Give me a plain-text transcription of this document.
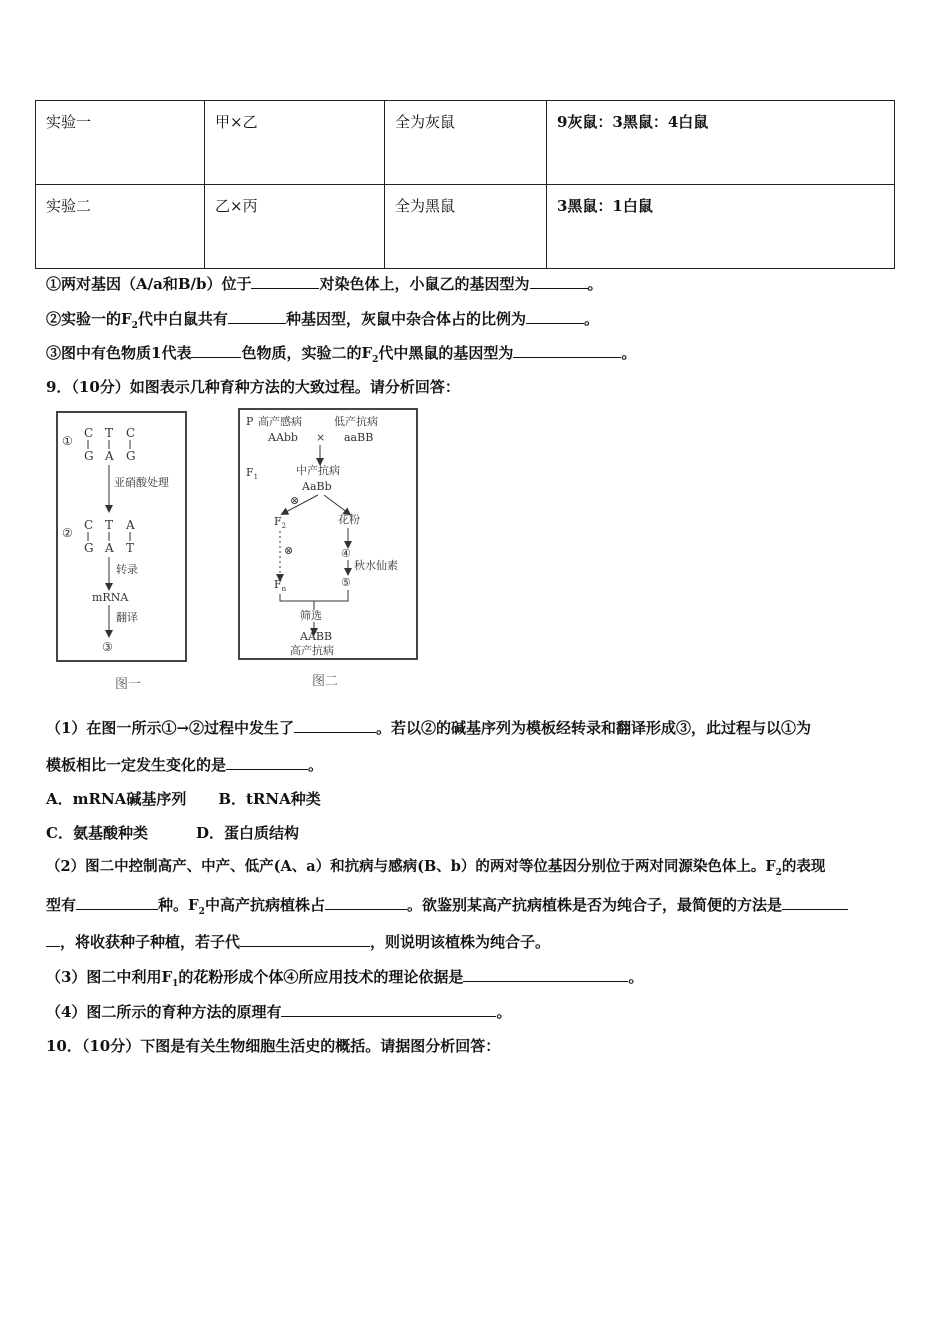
实验一	甲×乙	全为灰鼠	9灰鼠：3黑鼠：4白鼠
实验二	乙×丙	全为黑鼠	3黑鼠：1白鼠
①两对基因（A/a和B/b）位于	对染色体上，小鼠乙的基因型为	。
②实验一的$F_2$代中白鼠共有	种基因型，灰鼠中杂合体占的比例为	。
③图中有色物质1代表	色物质，实验二的$F_2$代中黑鼠的基因型为	。
9．（10分）如图表示几种育种方法的大致过程。请分析回答：
①
C T C
G A G
亚硝酸处理
②
C T A
G A T
转录
mRNA
翻译
③
图一
P 高产感病	低产抗病
AAbb × aaBB
$F_1$	中产抗病
AaBb
⊗
$F_2$	花粉
⊗	④
秋水仙素
$F_n$	⑤
筛选
AABB
高产抗病
图二
（1）在图一所示①→②过程中发生了	。若以②的碱基序列为模板经转录和翻译形成③，此过程与以①为
模板相比一定发生变化的是	。
A．mRNA碱基序列 B．tRNA种类
C．氨基酸种类	D．蛋白质结构
（2）图二中控制高产、中产、低产(A、a）和抗病与感病(B、b）的两对等位基因分别位于两对同源染色体上。$F_2$的表现
型有	种。$F_2$中高产抗病植株占	。欲鉴别某高产抗病植株是否为纯合子，最简便的方法是
，将收获种子种植，若子代	，则说明该植株为纯合子。
（3）图二中利用$F_1$的花粉形成个体④所应用技术的理论依据是	。
（4）图二所示的育种方法的原理有	。
10．（10分）下图是有关生物细胞生活史的概括。请据图分析回答：
